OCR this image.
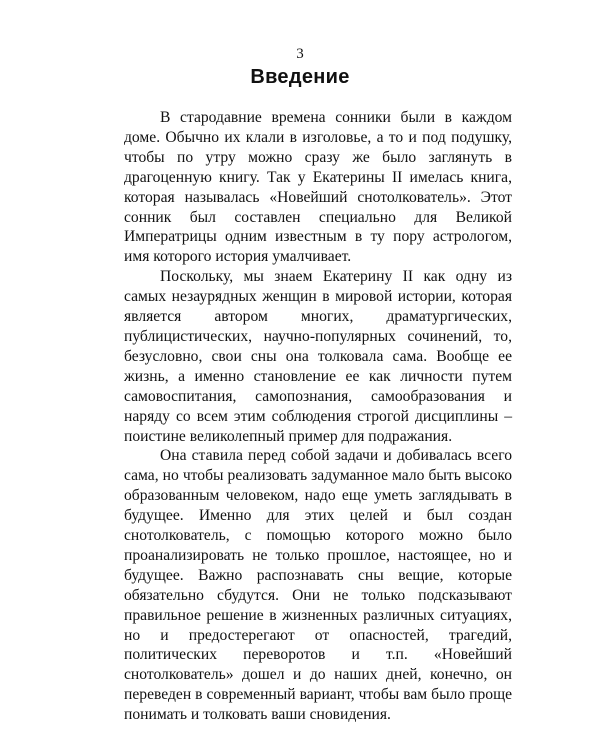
3
Введение

В стародавние времена сонники были в каждом доме. Обычно их клали в изголовье, а то и под подушку, чтобы по утру можно сразу же было заглянуть в драгоценную книгу. Так у Екатерины II имелась книга, которая называлась «Новейший снотолкователь». Этот сонник был составлен специально для Великой Императрицы одним известным в ту пору астрологом, имя которого история умалчивает.

Поскольку, мы знаем Екатерину II как одну из самых незаурядных женщин в мировой истории, которая является автором многих, драматургических, публицистических, научно-популярных сочинений, то, безусловно, свои сны она толковала сама. Вообще ее жизнь, а именно становление ее как личности путем самовоспитания, самопознания, самообразования и наряду со всем этим соблюдения строгой дисциплины – поистине великолепный пример для подражания.

Она ставила перед собой задачи и добивалась всего сама, но чтобы реализовать задуманное мало быть высоко образованным человеком, надо еще уметь заглядывать в будущее. Именно для этих целей и был создан снотолкователь, с помощью которого можно было проанализировать не только прошлое, настоящее, но и будущее. Важно распознавать сны вещие, которые обязательно сбудутся. Они не только подсказывают правильное решение в жизненных различных ситуациях, но и предостерегают от опасностей, трагедий, политических переворотов и т.п. «Новейший снотолкователь» дошел и до наших дней, конечно, он переведен в современный вариант, чтобы вам было проще понимать и толковать ваши сновидения.
